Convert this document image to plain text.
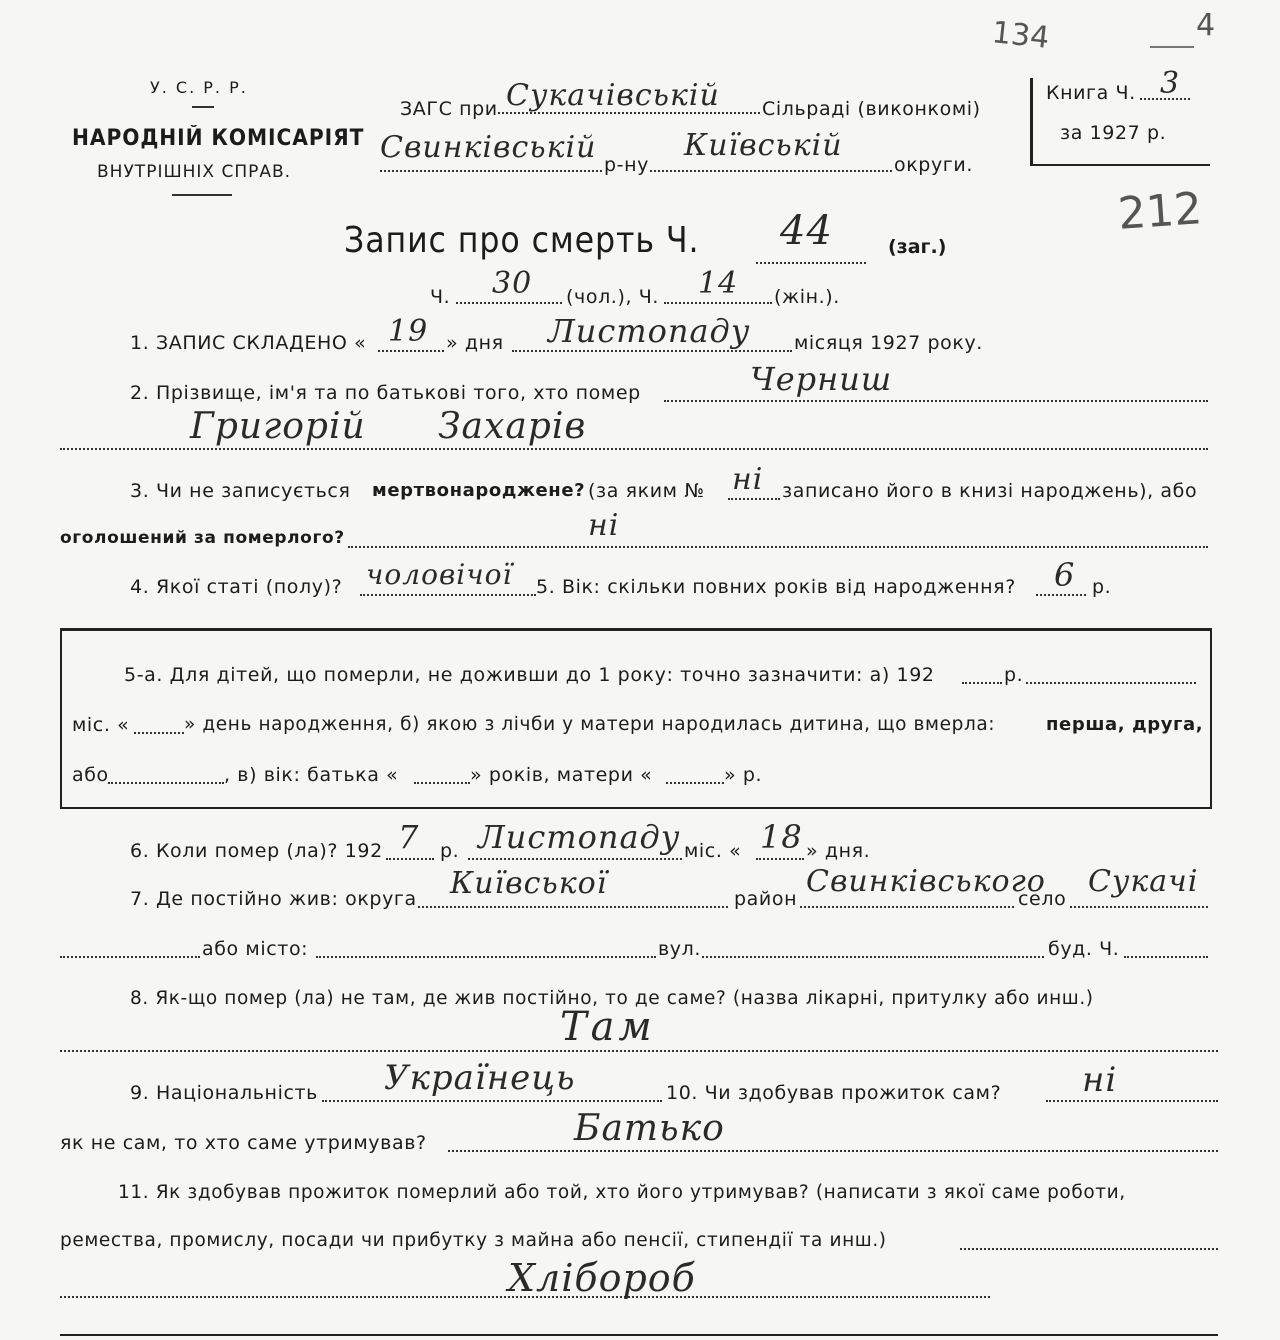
134	4
212
У. С. Р. Р.
НАРОДНІЙ КОМІСАРІЯТ
ВНУТРІШНІХ СПРАВ.
ЗАГС при Сукачівській Сільраді (виконкомі)
Свинківській р-ну
Київській
округи.
Книга Ч. 3
за 1927 р.
Запис про смерть Ч. 44	(заг.)
Ч. 30 (чол.), Ч. 14 (жін.).
1. ЗАПИС СКЛАДЕНО « 19 » дня Листопаду місяця 1927 року.
2. Прізвище, ім'я та по батькові того, хто помер	Черниш
Григорій Захарів
3. Чи не записується мертвонароджене? (за яким № ні записано його в книзі народжень), або
оголошений за померлого?	ні
4. Якої статі (полу)? чоловічої 5. Вік: скільки повних років від народження? 6 р.
5-а. Для дітей, що померли, не доживши до 1 року: точно зазначити: а) 192	р.
міс. «	» день народження, б) якою з лічби у матери народилась дитина, що вмерла:	перша, друга,
або	, в) вік: батька «	» років, матери «	» р.
6. Коли помер (ла)? 192 7 р. Листопаду міс. « 18 » дня.
7. Де постійно жив: округа Київської	район Свинківського
село Сукачі
або місто:	вул.	буд. Ч.
8. Як-що помер (ла) не там, де жив постійно, то де саме? (назва лікарні, притулку або инш.)
Там
9. Національність Українець	10. Чи здобував прожиток сам? ні
як не сам, то хто саме утримував?	Батько
11. Як здобував прожиток померлий або той, хто його утримував? (написати з якої саме роботи,
ремества, промислу, посади чи прибутку з майна або пенсії, стипендії та инш.)
Хлібороб
